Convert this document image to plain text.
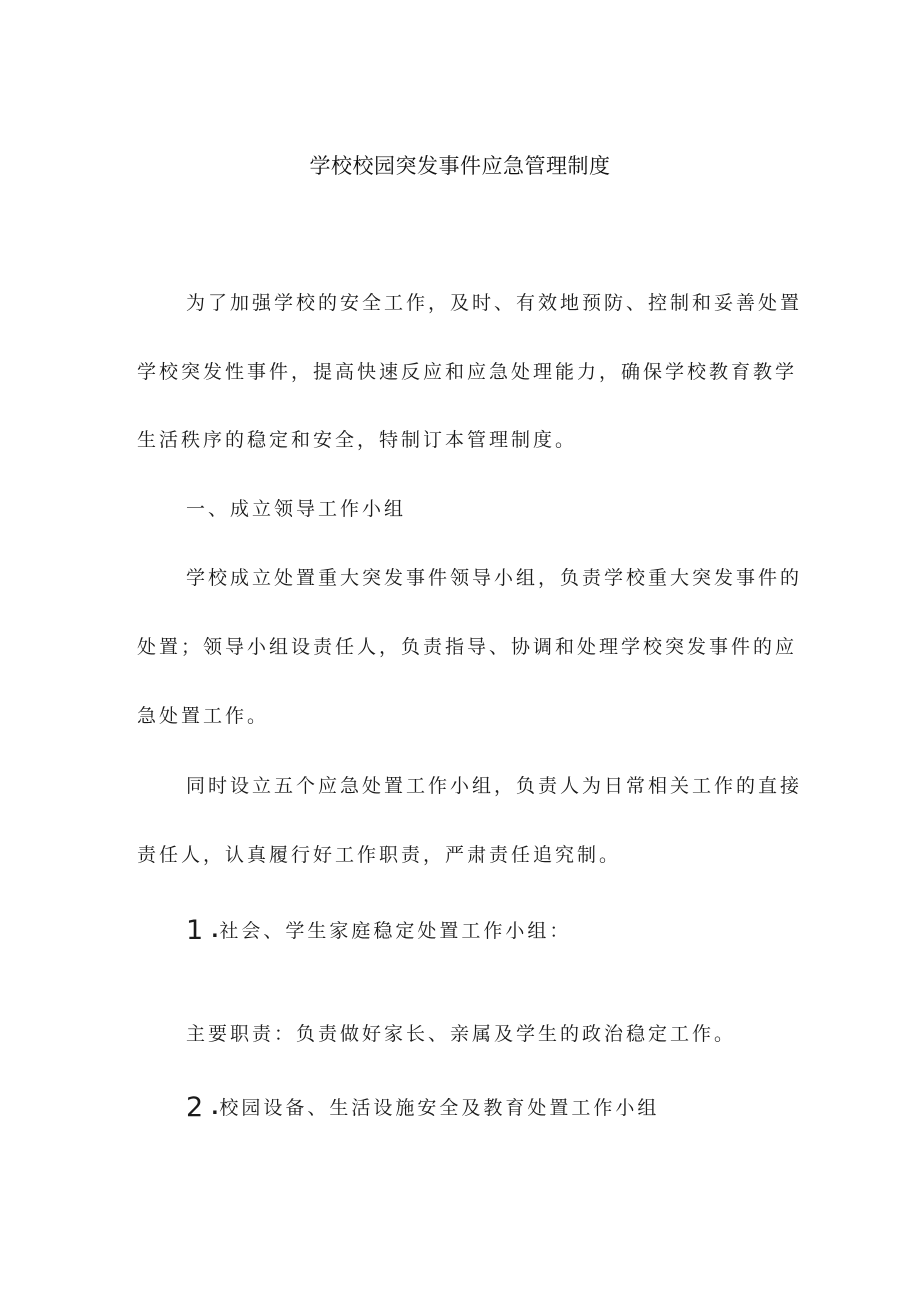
学校校园突发事件应急管理制度
为了加强学校的安全工作，及时、有效地预防、控制和妥善处置
学校突发性事件，提高快速反应和应急处理能力，确保学校教育教学
生活秩序的稳定和安全，特制订本管理制度。
一、成立领导工作小组
学校成立处置重大突发事件领导小组，负责学校重大突发事件的
处置；领导小组设责任人，负责指导、协调和处理学校突发事件的应
急处置工作。
同时设立五个应急处置工作小组，负责人为日常相关工作的直接
责任人，认真履行好工作职责，严肃责任追究制。
1 .社会、学生家庭稳定处置工作小组：
主要职责：负责做好家长、亲属及学生的政治稳定工作。
2 .校园设备、生活设施安全及教育处置工作小组
